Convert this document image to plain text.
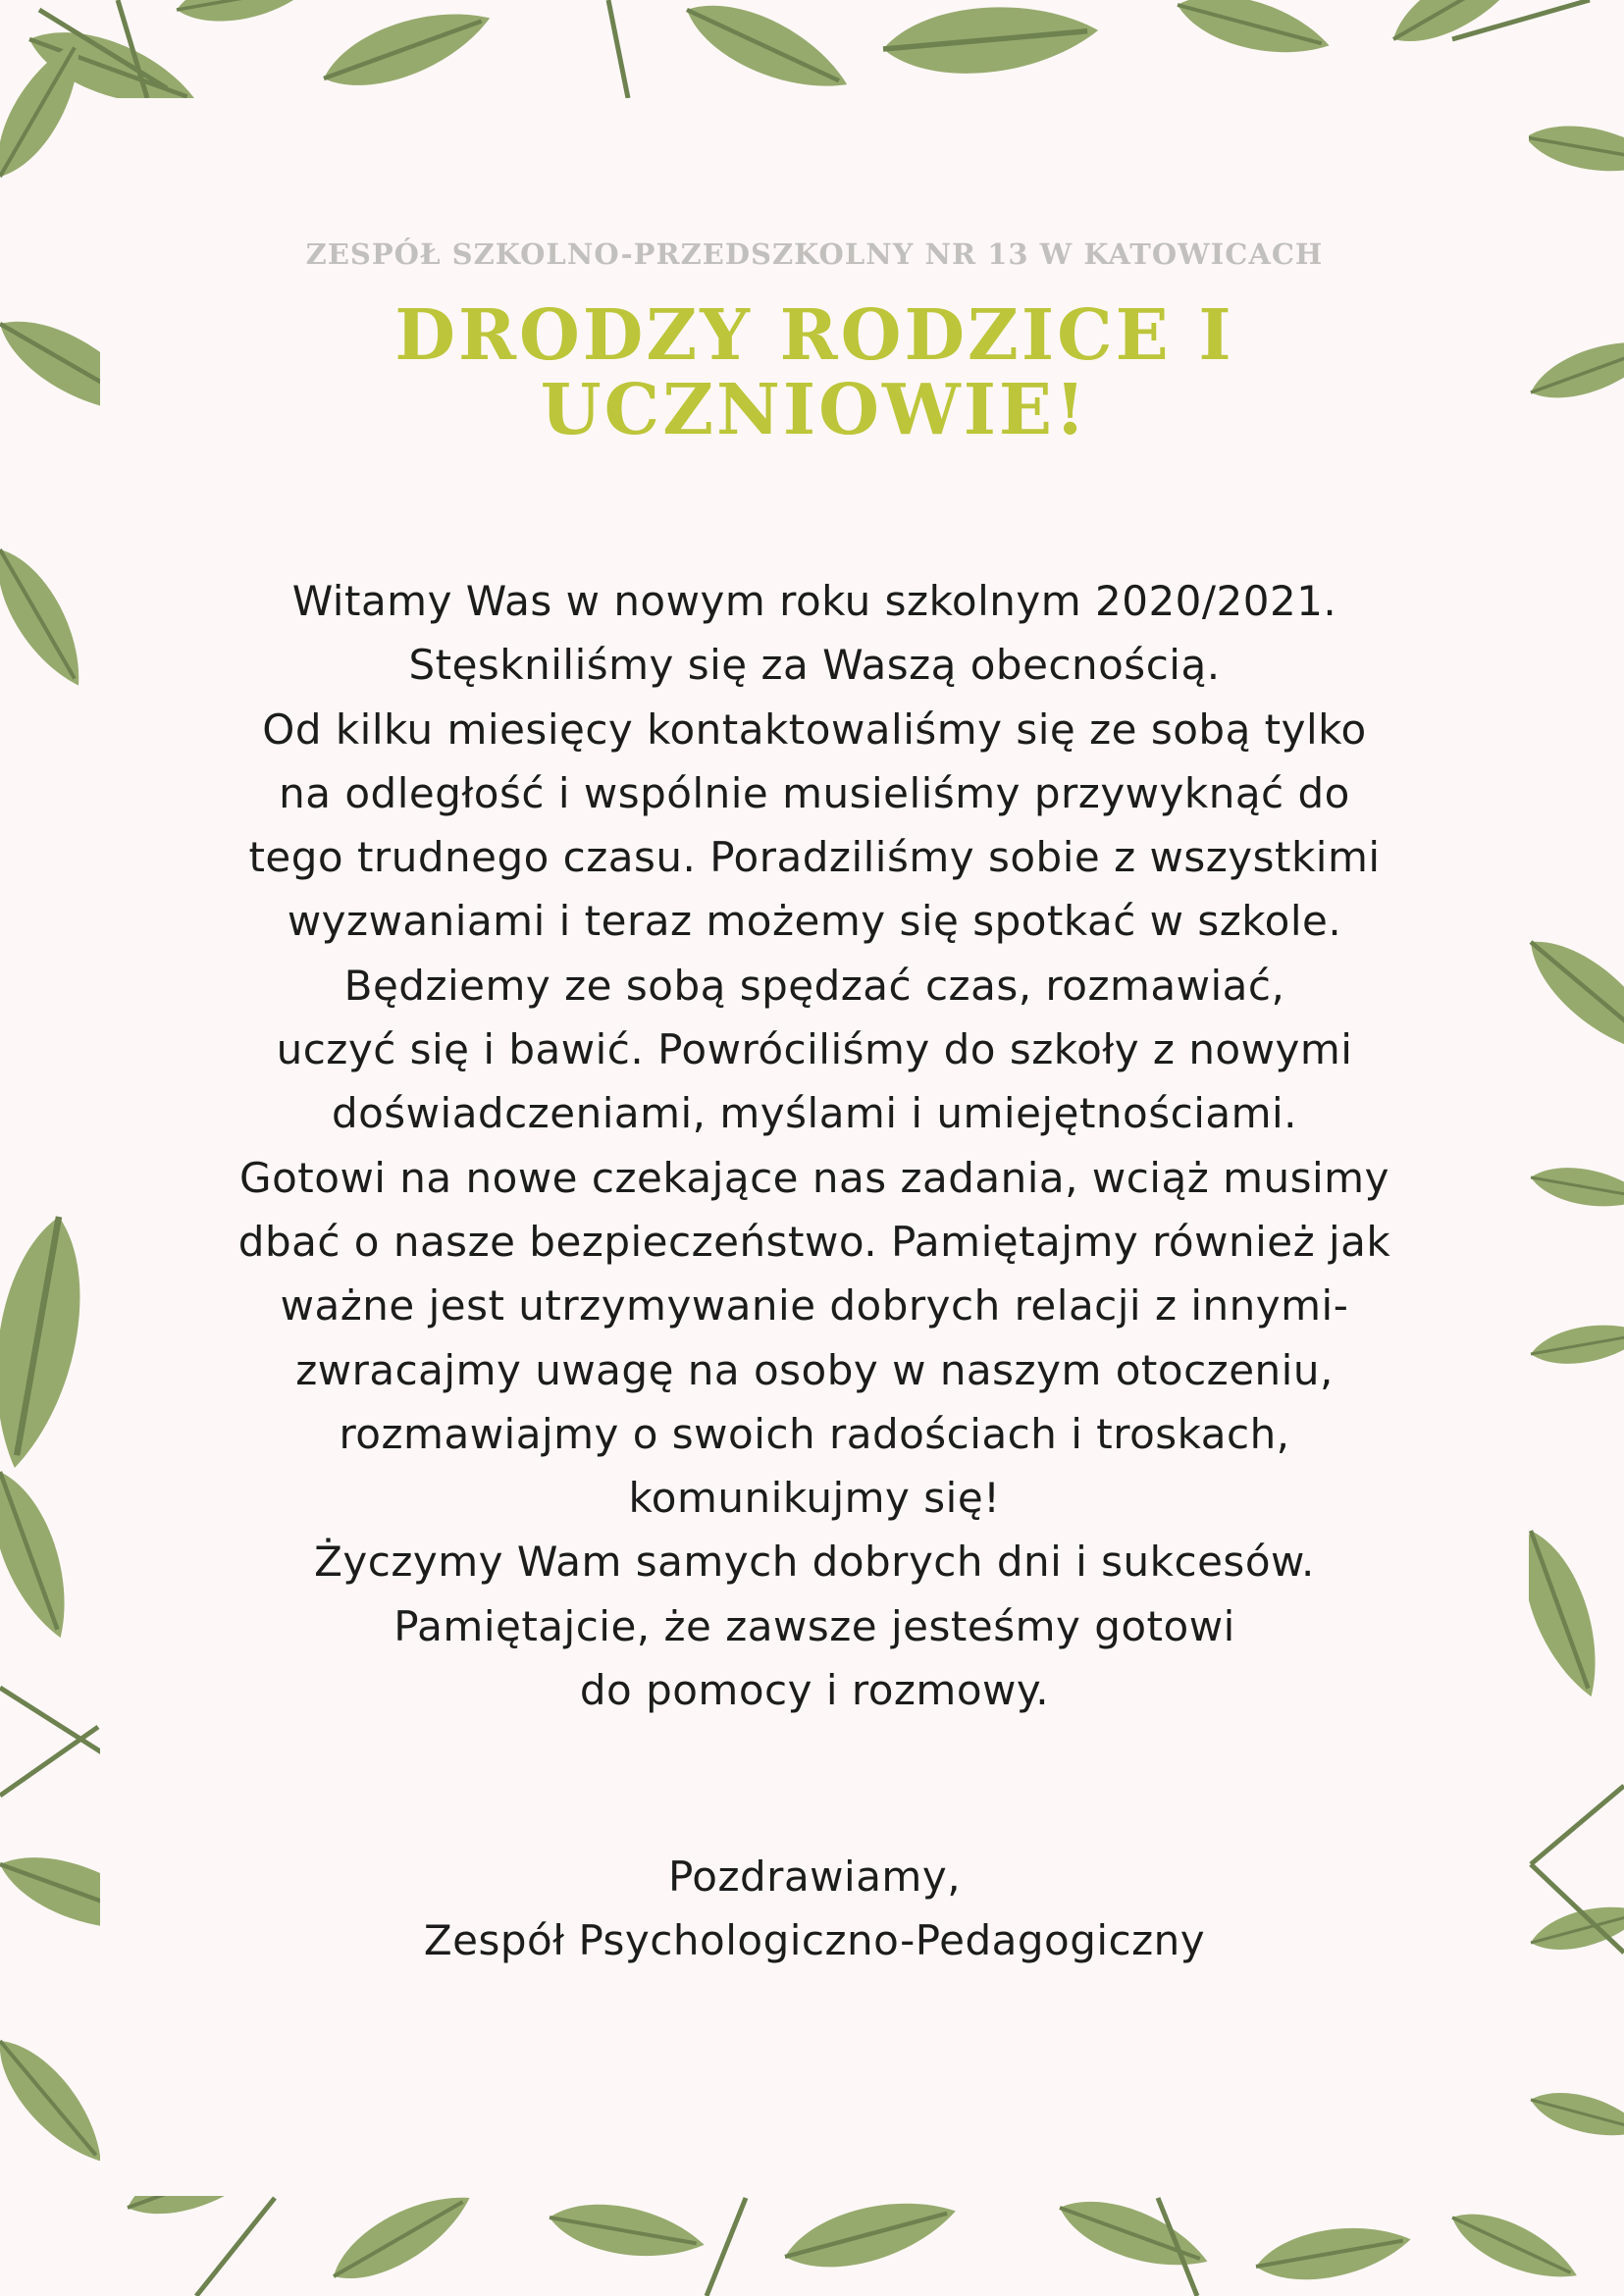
ZESPÓŁ SZKOLNO-PRZEDSZKOLNY NR 13 W KATOWICACH

DRODZY RODZICE I
UCZNIOWIE!
Witamy Was w nowym roku szkolnym 2020/2021.
Stęskniliśmy się za Waszą obecnością.
Od kilku miesięcy kontaktowaliśmy się ze sobą tylko
na odległość i wspólnie musieliśmy przywyknąć do
tego trudnego czasu. Poradziliśmy sobie z wszystkimi
wyzwaniami i teraz możemy się spotkać w szkole.
Będziemy ze sobą spędzać czas, rozmawiać,
uczyć się i bawić. Powróciliśmy do szkoły z nowymi
doświadczeniami, myślami i umiejętnościami.
Gotowi na nowe czekające nas zadania, wciąż musimy
dbać o nasze bezpieczeństwo. Pamiętajmy również jak
ważne jest utrzymywanie dobrych relacji z innymi-
zwracajmy uwagę na osoby w naszym otoczeniu,
rozmawiajmy o swoich radościach i troskach,
komunikujmy się!
Życzymy Wam samych dobrych dni i sukcesów.
Pamiętajcie, że zawsze jesteśmy gotowi
do pomocy i rozmowy.
Pozdrawiamy,
Zespół Psychologiczno-Pedagogiczny
